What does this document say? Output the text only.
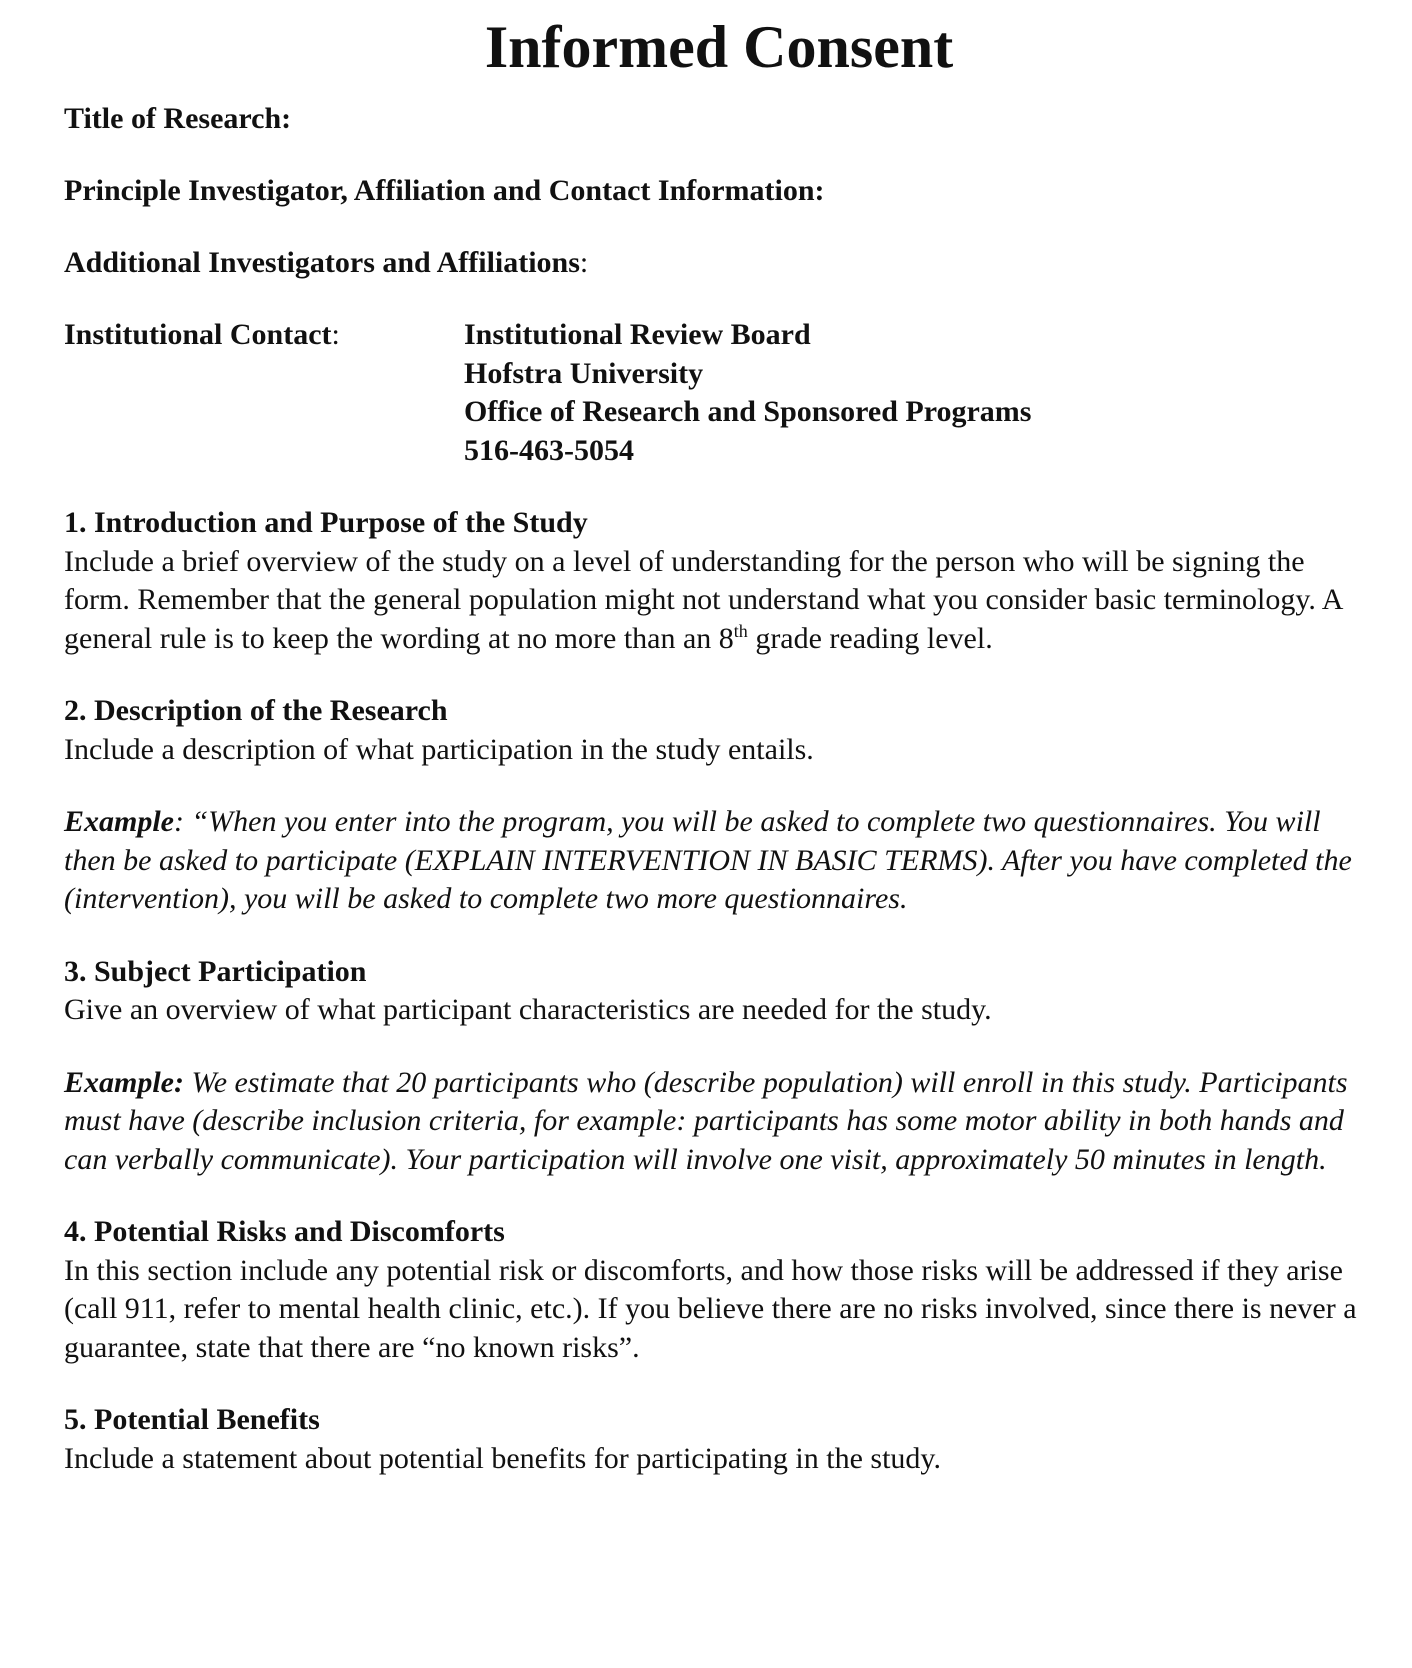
Informed Consent

Title of Research:

Principle Investigator, Affiliation and Contact Information:

Additional Investigators and Affiliations:

Institutional Contact:	Institutional Review Board
Hofstra University
Office of Research and Sponsored Programs
516-463-5054

1. Introduction and Purpose of the Study

Include a brief overview of the study on a level of understanding for the person who will be signing the form. Remember that the general population might not understand what you consider basic terminology. A general rule is to keep the wording at no more than an 8th grade reading level.

2. Description of the Research

Include a description of what participation in the study entails.

Example: “When you enter into the program, you will be asked to complete two questionnaires. You will then be asked to participate (EXPLAIN INTERVENTION IN BASIC TERMS). After you have completed the (intervention), you will be asked to complete two more questionnaires.

3. Subject Participation

Give an overview of what participant characteristics are needed for the study.

Example: We estimate that 20 participants who (describe population) will enroll in this study. Participants must have (describe inclusion criteria, for example: participants has some motor ability in both hands and can verbally communicate). Your participation will involve one visit, approximately 50 minutes in length.

4. Potential Risks and Discomforts

In this section include any potential risk or discomforts, and how those risks will be addressed if they arise (call 911, refer to mental health clinic, etc.). If you believe there are no risks involved, since there is never a guarantee, state that there are “no known risks”.

5. Potential Benefits

Include a statement about potential benefits for participating in the study.
